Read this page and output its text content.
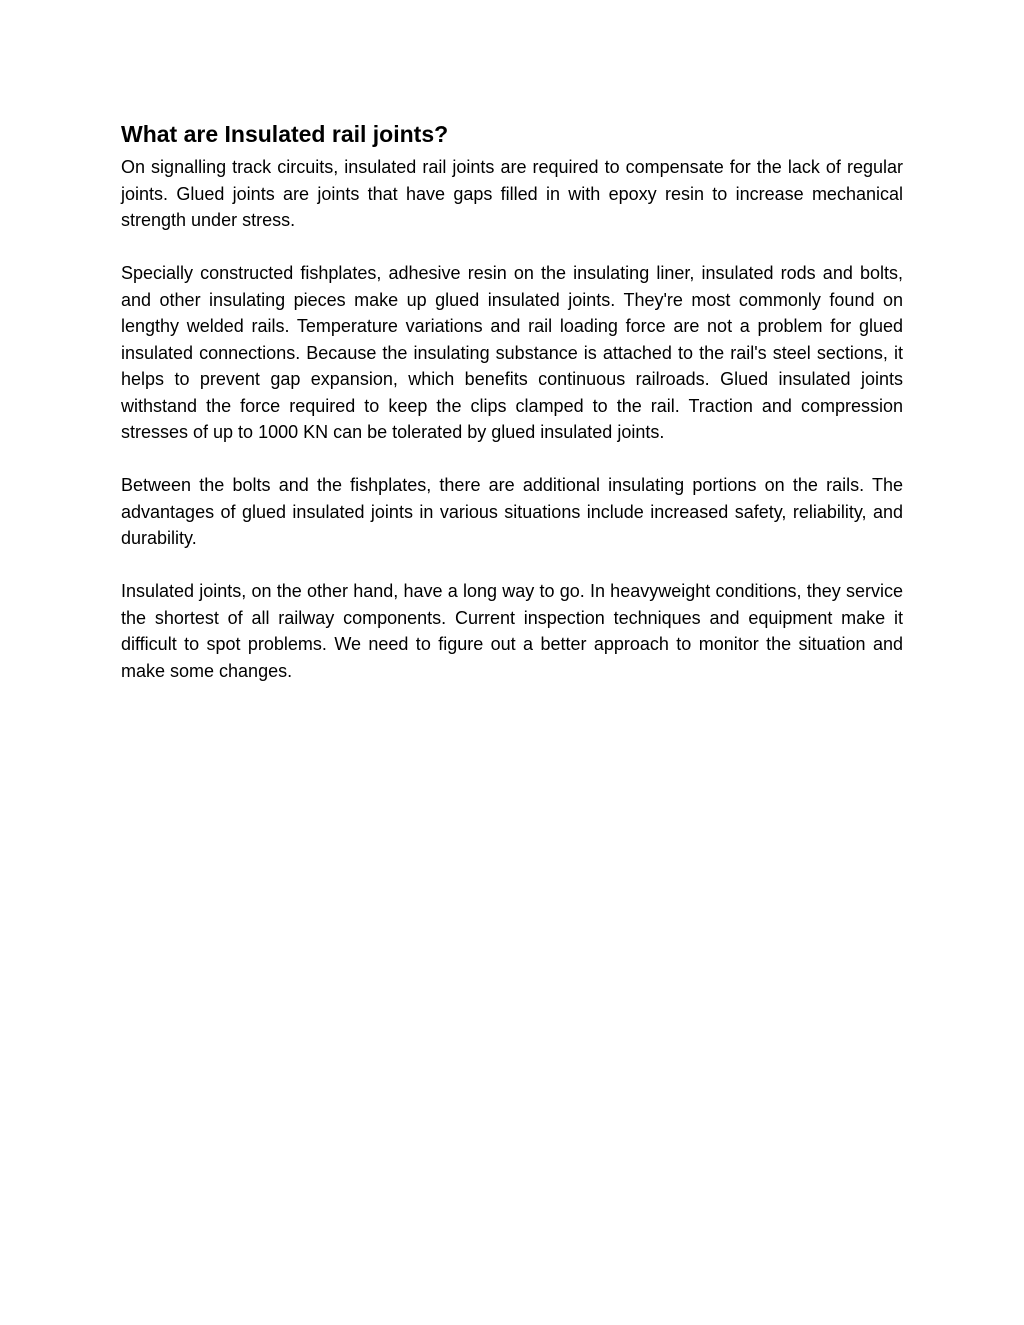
What are Insulated rail joints?

On signalling track circuits, insulated rail joints are required to compensate for the lack of regular joints. Glued joints are joints that have gaps filled in with epoxy resin to increase mechanical strength under stress.

Specially constructed fishplates, adhesive resin on the insulating liner, insulated rods and bolts, and other insulating pieces make up glued insulated joints. They're most commonly found on lengthy welded rails. Temperature variations and rail loading force are not a problem for glued insulated connections. Because the insulating substance is attached to the rail's steel sections, it helps to prevent gap expansion, which benefits continuous railroads. Glued insulated joints withstand the force required to keep the clips clamped to the rail. Traction and compression stresses of up to 1000 KN can be tolerated by glued insulated joints.

Between the bolts and the fishplates, there are additional insulating portions on the rails. The advantages of glued insulated joints in various situations include increased safety, reliability, and durability.

Insulated joints, on the other hand, have a long way to go. In heavyweight conditions, they service the shortest of all railway components. Current inspection techniques and equipment make it difficult to spot problems. We need to figure out a better approach to monitor the situation and make some changes.
